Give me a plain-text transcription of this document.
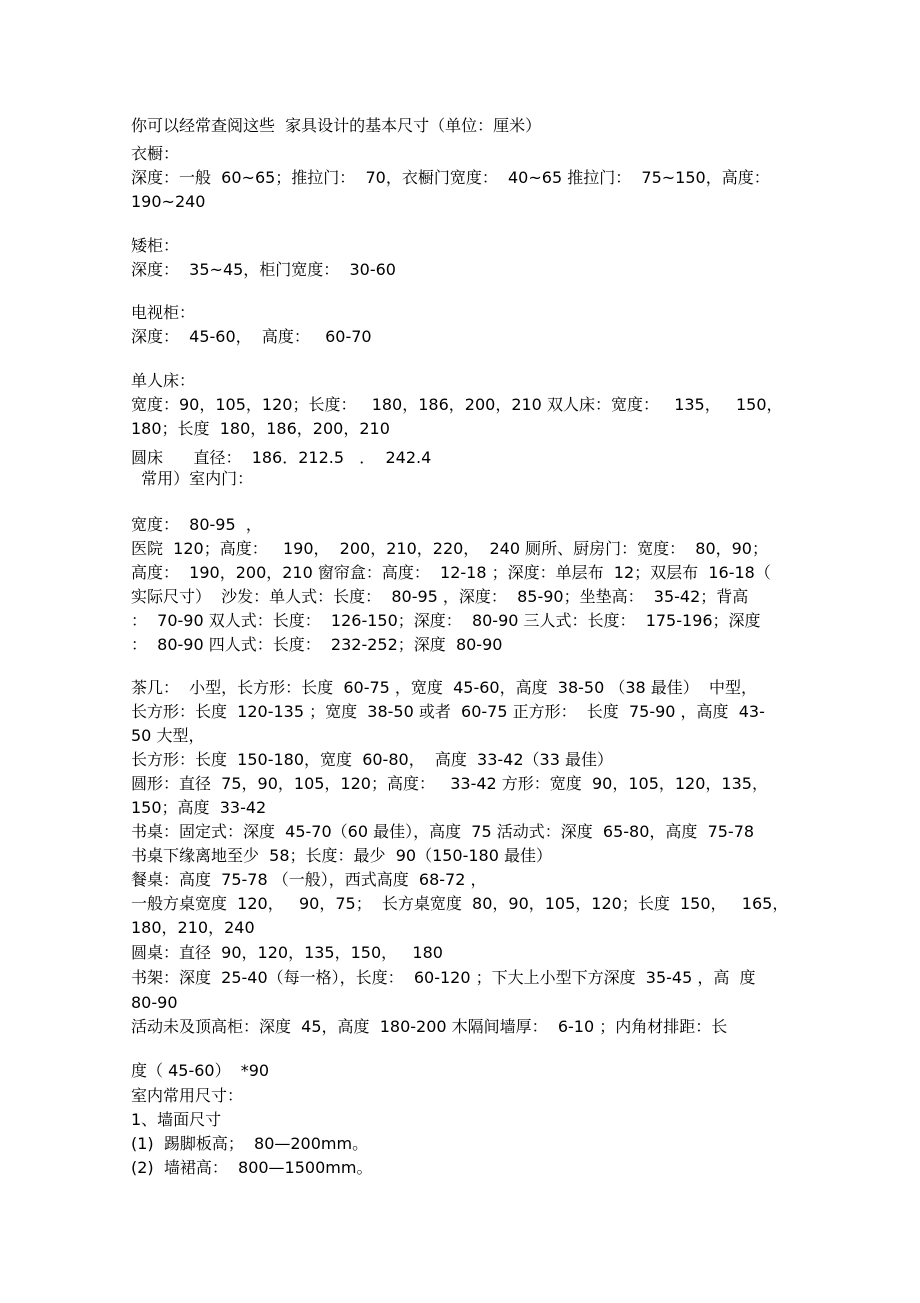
你可以经常查阅这些  家具设计的基本尺寸（单位：厘米）

衣橱：

深度：一般  60~65；推拉门：  70，衣橱门宽度：  40~65 推拉门：  75~150，高度：

190~240

矮柜：

深度：  35~45，柜门宽度：  30-60

电视柜：

深度：  45-60，  高度：   60-70

单人床：

宽度：90，105，120；长度：   180，186，200，210 双人床：宽度：   135，   150，

180；长度  180，186，200，210

圆床      直径：  186．212.5   ．  242.4

常用）室内门：

宽度：  80-95  ，

医院  120；高度：   190，  200，210，220，  240 厕所、厨房门：宽度：  80，90；

高度：  190，200，210 窗帘盒：高度：  12-18 ；深度：单层布  12；双层布  16-18（

实际尺寸）  沙发：单人式：长度：  80-95 ，深度：  85-90；坐垫高：  35-42；背高

：  70-90 双人式：长度：  126-150；深度：  80-90 三人式：长度：  175-196；深度

：  80-90 四人式：长度：  232-252；深度  80-90

茶几：  小型，长方形：长度  60-75 ，宽度  45-60，高度  38-50 （38 最佳）  中型，

长方形：长度  120-135 ；宽度  38-50 或者  60-75 正方形：  长度  75-90 ，高度  43-

50 大型，

长方形：长度  150-180，宽度  60-80，  高度  33-42（33 最佳）

圆形：直径  75，90，105，120；高度：   33-42 方形：宽度  90，105，120，135，

150；高度  33-42

书桌：固定式：深度  45-70（60 最佳），高度  75 活动式：深度  65-80，高度  75-78

书桌下缘离地至少  58；长度：最少  90（150-180 最佳）

餐桌：高度  75-78 （一般），西式高度  68-72 ，

一般方桌宽度  120，   90，75；  长方桌宽度  80，90，105，120；长度  150，   165，

180，210，240

圆桌：直径  90，120，135，150，   180

书架：深度  25-40（每一格），长度：  60-120 ；下大上小型下方深度  35-45 ，高  度

80-90

活动未及顶高柜：深度  45，高度  180-200 木隔间墙厚：  6-10 ；内角材排距：长

度（ 45-60）  *90

室内常用尺寸：

1、墙面尺寸

(1)  踢脚板高；  80—200mm。

(2)  墙裙高：  800—1500mm。
